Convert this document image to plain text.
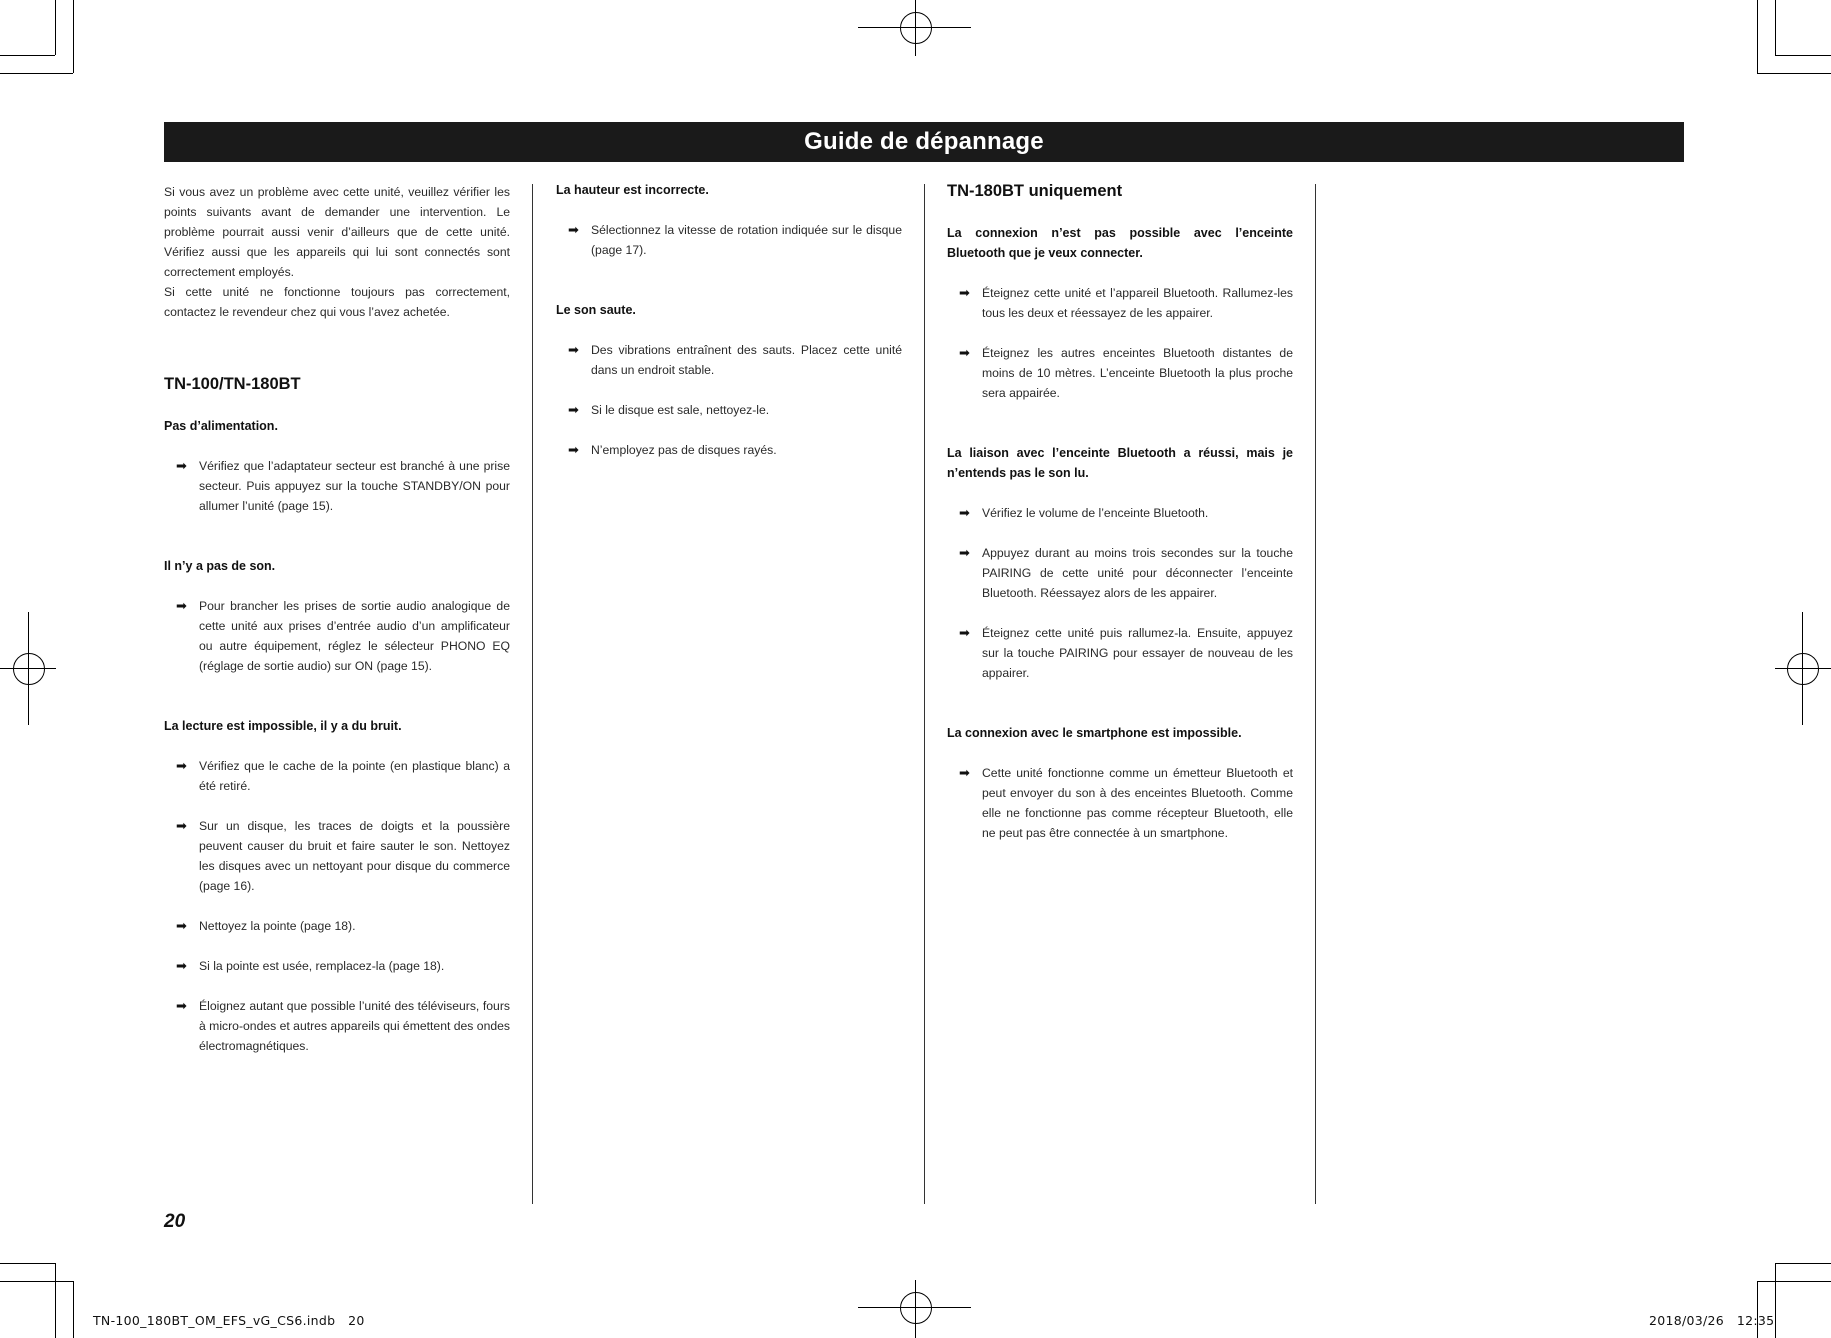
Guide de dépannage

Si vous avez un problème avec cette unité, veuillez vérifier les points suivants avant de demander une intervention. Le problème pourrait aussi venir d’ailleurs que de cette unité. Vérifiez aussi que les appareils qui lui sont connectés sont correctement employés.

Si cette unité ne fonctionne toujours pas correctement, contactez le revendeur chez qui vous l’avez achetée.

TN-100/TN-180BT
Pas d’alimentation.
➡ Vérifiez que l’adaptateur secteur est branché à une prise secteur. Puis appuyez sur la touche STANDBY/ON pour allumer l’unité (page 15).
Il n’y a pas de son.
➡ Pour brancher les prises de sortie audio analogique de cette unité aux prises d’entrée audio d’un amplificateur ou autre équipement, réglez le sélecteur PHONO EQ (réglage de sortie audio) sur ON (page 15).
La lecture est impossible, il y a du bruit.
➡ Vérifiez que le cache de la pointe (en plastique blanc) a été retiré.
➡ Sur un disque, les traces de doigts et la poussière peuvent causer du bruit et faire sauter le son. Nettoyez les disques avec un nettoyant pour disque du commerce (page 16).
➡ Nettoyez la pointe (page 18).
➡ Si la pointe est usée, remplacez-la (page 18).
➡ Éloignez autant que possible l’unité des téléviseurs, fours à micro-ondes et autres appareils qui émettent des ondes électromagnétiques.
La hauteur est incorrecte.
➡ Sélectionnez la vitesse de rotation indiquée sur le disque (page 17).
Le son saute.
➡ Des vibrations entraînent des sauts. Placez cette unité dans un endroit stable.
➡ Si le disque est sale, nettoyez-le.
➡ N’employez pas de disques rayés.
TN-180BT uniquement
La connexion n’est pas possible avec l’enceinte Bluetooth que je veux connecter.
➡ Éteignez cette unité et l’appareil Bluetooth. Rallumez-les tous les deux et réessayez de les appairer.
➡ Éteignez les autres enceintes Bluetooth distantes de moins de 10 mètres. L’enceinte Bluetooth la plus proche sera appairée.
La liaison avec l’enceinte Bluetooth a réussi, mais je n’entends pas le son lu.
➡ Vérifiez le volume de l’enceinte Bluetooth.
➡ Appuyez durant au moins trois secondes sur la touche PAIRING de cette unité pour déconnecter l’enceinte Bluetooth. Réessayez alors de les appairer.
➡ Éteignez cette unité puis rallumez-la. Ensuite, appuyez sur la touche PAIRING pour essayer de nouveau de les appairer.
La connexion avec le smartphone est impossible.
➡ Cette unité fonctionne comme un émetteur Bluetooth et peut envoyer du son à des enceintes Bluetooth. Comme elle ne fonctionne pas comme récepteur Bluetooth, elle ne peut pas être connectée à un smartphone.
20
TN-100_180BT_OM_EFS_vG_CS6.indb   20	2018/03/26   12:35
